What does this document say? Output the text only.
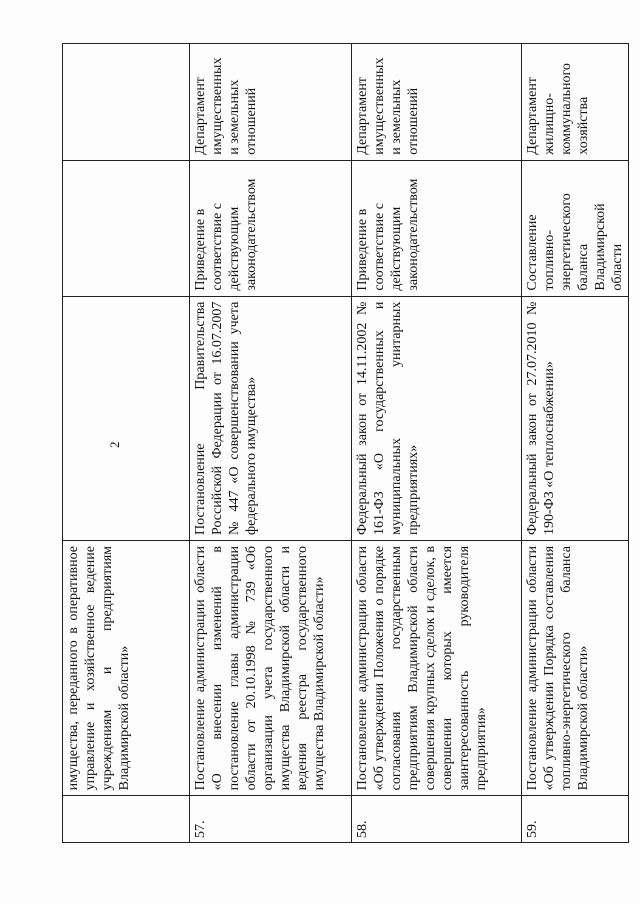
2
	имущества, переданного в оперативное управление и хозяйственное ведение учреждениям и предприятиям Владимирской области»			
57.	Постановление администрации области «О внесении изменений в постановление главы администрации области от 20.10.1998 № 739 «Об организации учета государственного имущества Владимирской области и ведения реестра государственного имущества Владимирской области»	Постановление Правительства Российской Федерации от 16.07.2007 № 447 «О совершенствовании учета федерального имущества»	Приведение в соответствие с действующим законодательством	Департамент имущественных и земельных отношений
58.	Постановление администрации области «Об утверждении Положения о порядке согласования государственным предприятиям Владимирской области совершения крупных сделок и сделок, в совершении которых имеется заинтересованность руководителя предприятия»	Федеральный закон от 14.11.2002 № 161-ФЗ «О государственных и муниципальных унитарных предприятиях»	Приведение в соответствие с действующим законодательством	Департамент имущественных и земельных отношений
59.	Постановление администрации области «Об утверждении Порядка составления топливно-энергетического баланса Владимирской области»	Федеральный закон от 27.07.2010 № 190-ФЗ «О теплоснабжении»	Составление топливно-энергетического баланса Владимирской области	Департамент жилищно-коммунального хозяйства
